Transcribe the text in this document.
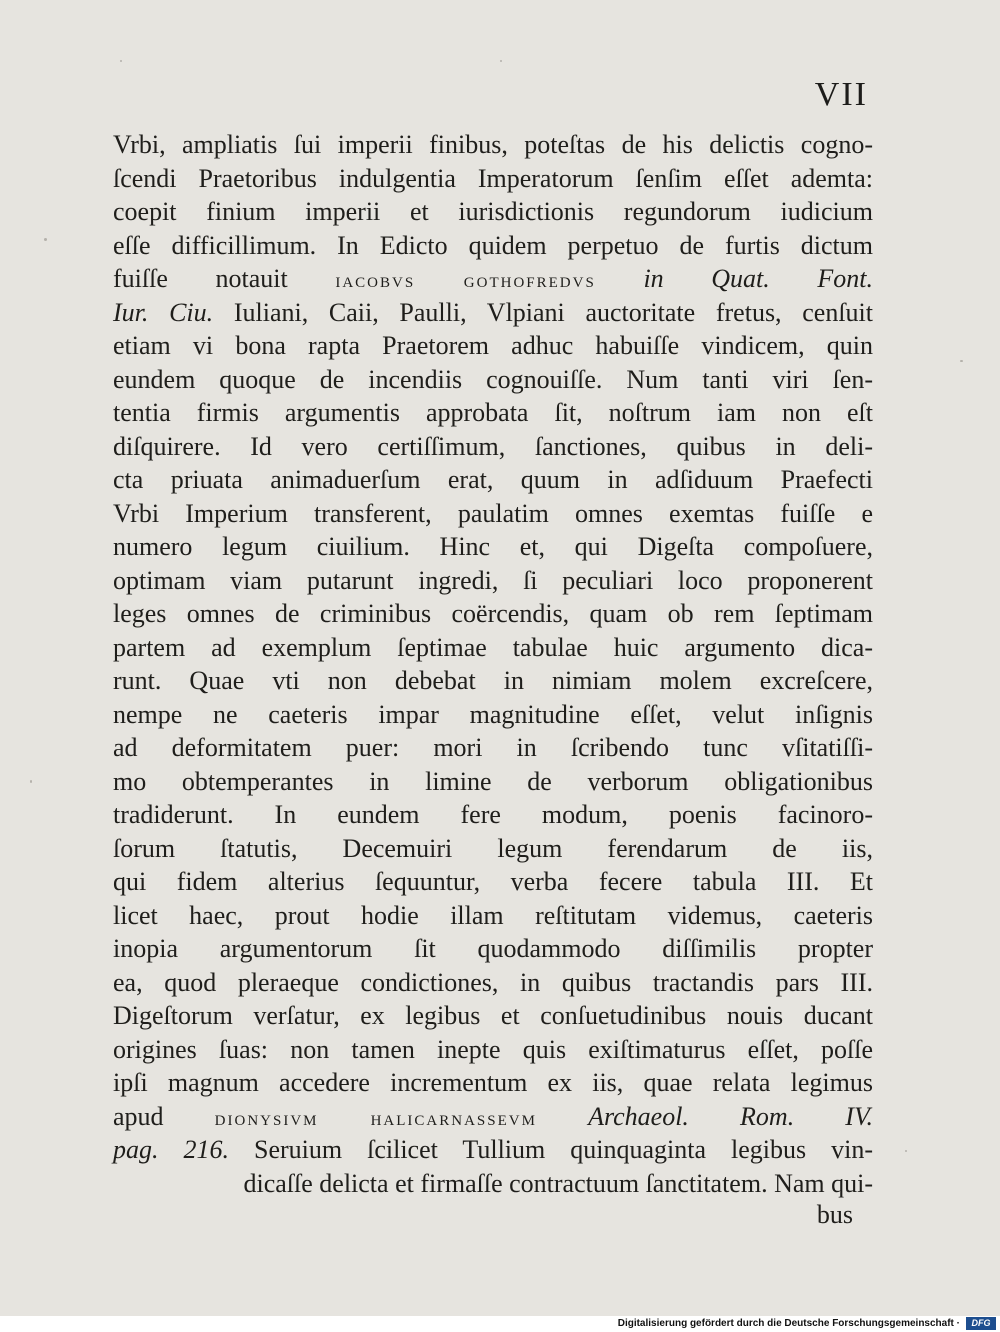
VII
Vrbi, ampliatis ſui imperii finibus, poteſtas de his delictis cogno-
ſcendi Praetoribus indulgentia Imperatorum ſenſim eſſet ademta:
coepit finium imperii et iurisdictionis regundorum iudicium
eſſe difficillimum. In Edicto quidem perpetuo de furtis dictum
fuiſſe notauit iacobvs gothofredvs in Quat. Font.
Iur. Ciu. Iuliani, Caii, Paulli, Vlpiani auctoritate fretus, cenſuit
etiam vi bona rapta Praetorem adhuc habuiſſe vindicem, quin
eundem quoque de incendiis cognouiſſe. Num tanti viri ſen-
tentia firmis argumentis approbata ſit, noſtrum iam non eſt
diſquirere. Id vero certiſſimum, ſanctiones, quibus in deli-
cta priuata animaduerſum erat, quum in adſiduum Praefecti
Vrbi Imperium transferent, paulatim omnes exemtas fuiſſe e
numero legum ciuilium. Hinc et, qui Digeſta compoſuere,
optimam viam putarunt ingredi, ſi peculiari loco proponerent
leges omnes de criminibus coërcendis, quam ob rem ſeptimam
partem ad exemplum ſeptimae tabulae huic argumento dica-
runt. Quae vti non debebat in nimiam molem excreſcere,
nempe ne caeteris impar magnitudine eſſet, velut inſignis
ad deformitatem puer: mori in ſcribendo tunc vſitatiſſi-
mo obtemperantes in limine de verborum obligationibus
tradiderunt. In eundem fere modum, poenis facinoro-
ſorum ſtatutis, Decemuiri legum ferendarum de iis,
qui fidem alterius ſequuntur, verba fecere tabula III. Et
licet haec, prout hodie illam reſtitutam videmus, caeteris
inopia argumentorum ſit quodammodo diſſimilis propter
ea, quod pleraeque condictiones, in quibus tractandis pars III.
Digeſtorum verſatur, ex legibus et conſuetudinibus nouis ducant
origines ſuas: non tamen inepte quis exiſtimaturus eſſet, poſſe
ipſi magnum accedere incrementum ex iis, quae relata legimus
apud dionysivm halicarnassevm Archaeol. Rom. IV.
pag. 216. Seruium ſcilicet Tullium quinquaginta legibus vin-
dicaſſe delicta et firmaſſe contractuum ſanctitatem. Nam qui-
bus
Digitalisierung gefördert durch die Deutsche Forschungsgemeinschaft ·	DFG
